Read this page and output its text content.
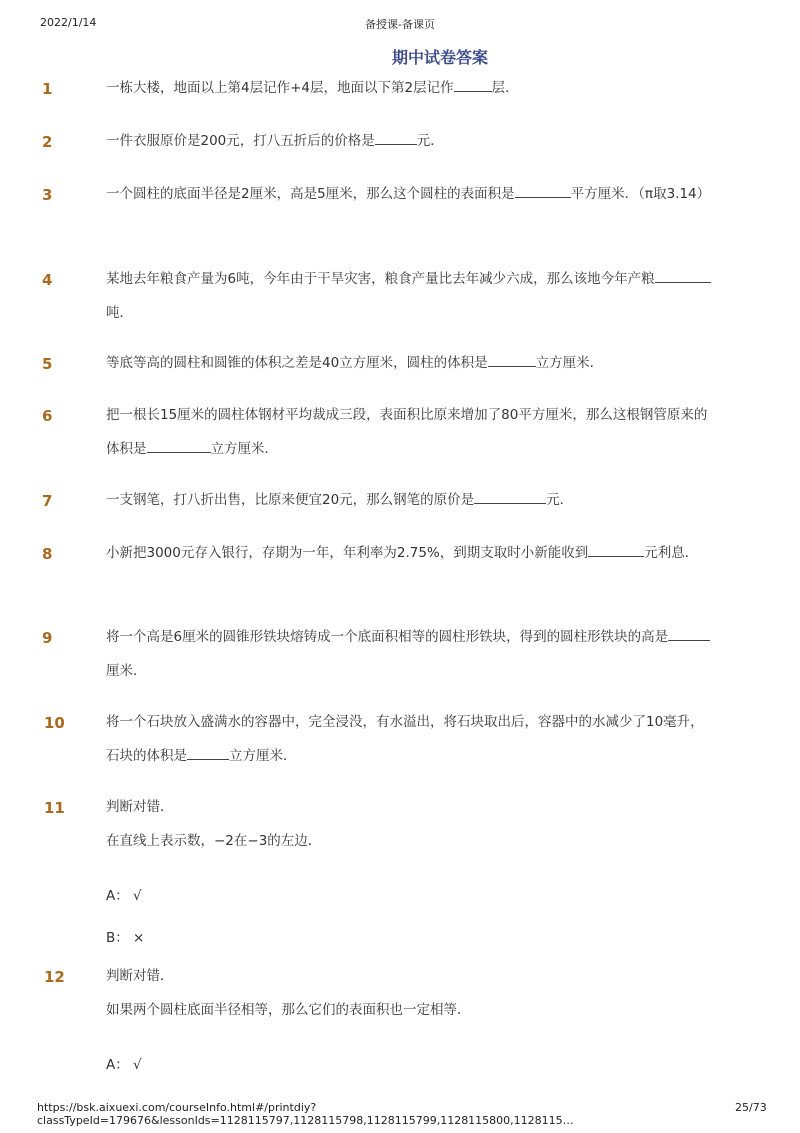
2022/1/14	备授课-备课页
期中试卷答案
1	一栋大楼，地面以上第4层记作+4层，地面以下第2层记作	层．
2	一件衣服原价是200元，打八五折后的价格是	元．
3	一个圆柱的底面半径是2厘米，高是5厘米，那么这个圆柱的表面积是	平方厘米．（π取3.14）
4	某地去年粮食产量为6吨，今年由于干旱灾害，粮食产量比去年减少六成，那么该地今年产粮吨．
5	等底等高的圆柱和圆锥的体积之差是40立方厘米，圆柱的体积是	立方厘米．
6	把一根长15厘米的圆柱体钢材平均裁成三段，表面积比原来增加了80平方厘米，那么这根钢管原来的体积是	立方厘米．
7	一支钢笔，打八折出售，比原来便宜20元，那么钢笔的原价是	元．
8	小新把3000元存入银行，存期为一年，年利率为2.75%，到期支取时小新能收到	元利息．
9	将一个高是6厘米的圆锥形铁块熔铸成一个底面积相等的圆柱形铁块，得到的圆柱形铁块的高是厘米．
10	将一个石块放入盛满水的容器中，完全浸没，有水溢出，将石块取出后，容器中的水减少了10毫升，石块的体积是	立方厘米．
11	判断对错．
在直线上表示数，−2在−3的左边．
A： √
B： ×
12	判断对错．
如果两个圆柱底面半径相等，那么它们的表面积也一定相等．
A： √
https://bsk.aixuexi.com/courseInfo.html#/printdiy?classTypeId=179676&lessonIds=1128115797,1128115798,1128115799,1128115800,1128115…
25/73
